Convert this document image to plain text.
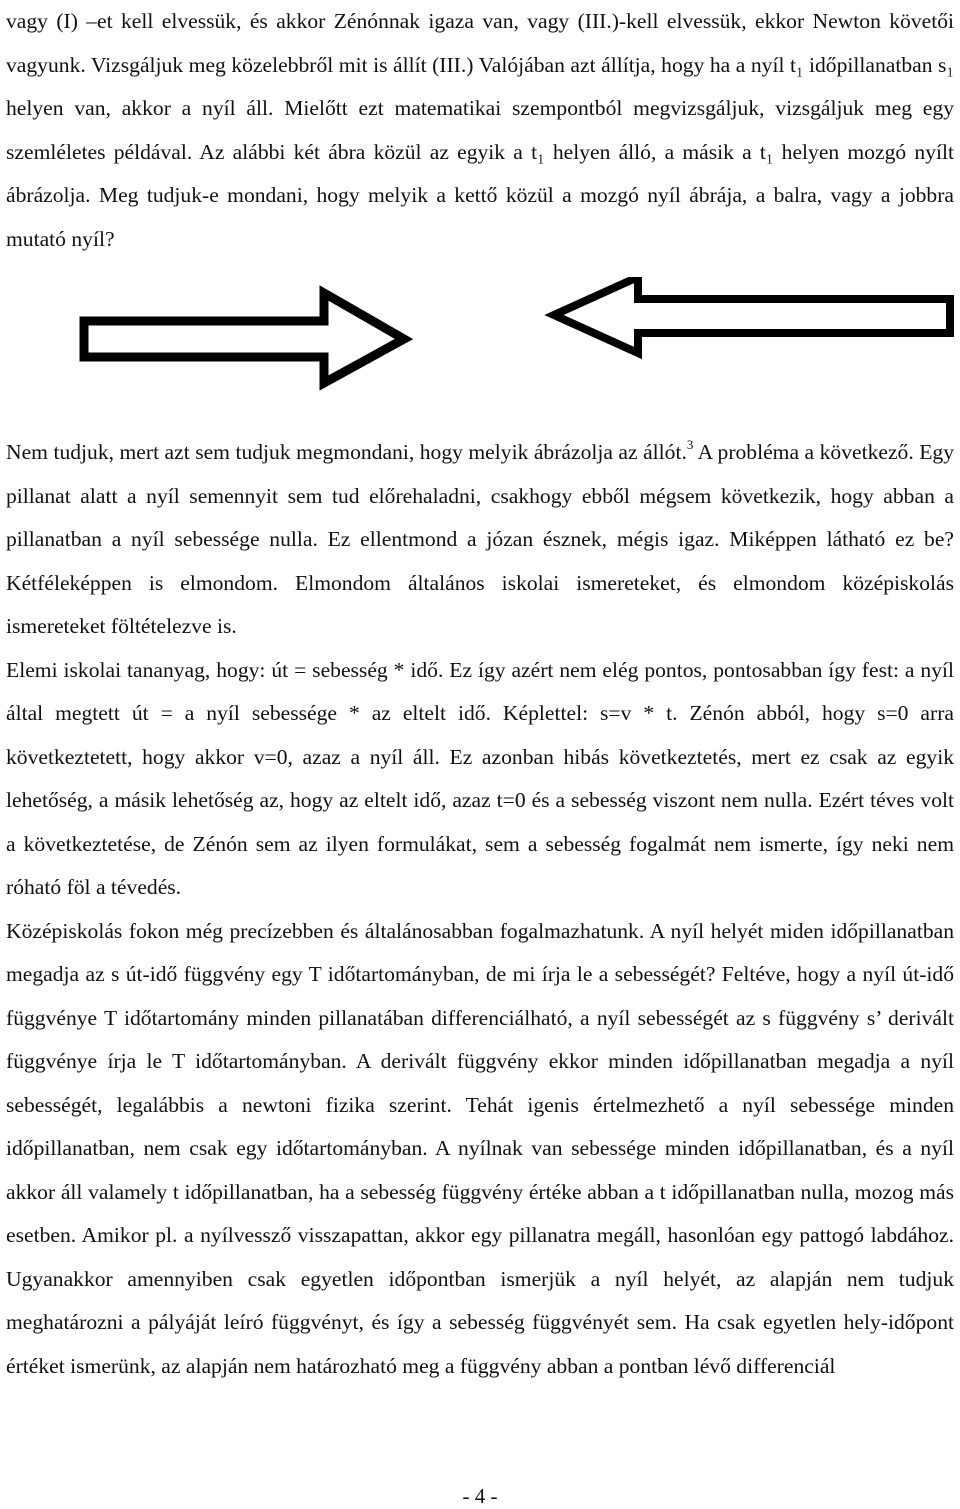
vagy (I) –et kell elvessük, és akkor Zénónnak igaza van, vagy (III.)-kell elvessük, ekkor Newton követői vagyunk. Vizsgáljuk meg közelebbről mit is állít (III.) Valójában azt állítja, hogy ha a nyíl t₁ időpillanatban s₁ helyen van, akkor a nyíl áll. Mielőtt ezt matematikai szempontból megvizsgáljuk, vizsgáljuk meg egy szemléletes példával. Az alábbi két ábra közül az egyik a t₁ helyen álló, a másik a t₁ helyen mozgó nyílt ábrázolja. Meg tudjuk-e mondani, hogy melyik a kettő közül a mozgó nyíl ábrája, a balra, vagy a jobbra mutató nyíl?

Nem tudjuk, mert azt sem tudjuk megmondani, hogy melyik ábrázolja az állót.$^3$ A probléma a következő. Egy pillanat alatt a nyíl semennyit sem tud előrehaladni, csakhogy ebből mégsem következik, hogy abban a pillanatban a nyíl sebessége nulla. Ez ellentmond a józan észnek, mégis igaz. Miképpen látható ez be? Kétféleképpen is elmondom. Elmondom általános iskolai ismereteket, és elmondom középiskolás ismereteket föltételezve is.

Elemi iskolai tananyag, hogy: út = sebesség * idő. Ez így azért nem elég pontos, pontosabban így fest: a nyíl által megtett út = a nyíl sebessége * az eltelt idő. Képlettel: s=v * t. Zénón abból, hogy s=0 arra következtetett, hogy akkor v=0, azaz a nyíl áll. Ez azonban hibás következtetés, mert ez csak az egyik lehetőség, a másik lehetőség az, hogy az eltelt idő, azaz t=0 és a sebesség viszont nem nulla. Ezért téves volt a következtetése, de Zénón sem az ilyen formulákat, sem a sebesség fogalmát nem ismerte, így neki nem róható föl a tévedés.

Középiskolás fokon még precízebben és általánosabban fogalmazhatunk. A nyíl helyét miden időpillanatban megadja az s út-idő függvény egy T időtartományban, de mi írja le a sebességét? Feltéve, hogy a nyíl út-idő függvénye T időtartomány minden pillanatában differenciálható, a nyíl sebességét az s függvény s’ derivált függvénye írja le T időtartományban. A derivált függvény ekkor minden időpillanatban megadja a nyíl sebességét, legalábbis a newtoni fizika szerint. Tehát igenis értelmezhető a nyíl sebessége minden időpillanatban, nem csak egy időtartományban. A nyílnak van sebessége minden időpillanatban, és a nyíl akkor áll valamely t időpillanatban, ha a sebesség függvény értéke abban a t időpillanatban nulla, mozog más esetben. Amikor pl. a nyílvessző visszapattan, akkor egy pillanatra megáll, hasonlóan egy pattogó labdához. Ugyanakkor amennyiben csak egyetlen időpontban ismerjük a nyíl helyét, az alapján nem tudjuk meghatározni a pályáját leíró függvényt, és így a sebesség függvényét sem. Ha csak egyetlen hely-időpont értéket ismerünk, az alapján nem határozható meg a függvény abban a pontban lévő differenciál

- 4 -
